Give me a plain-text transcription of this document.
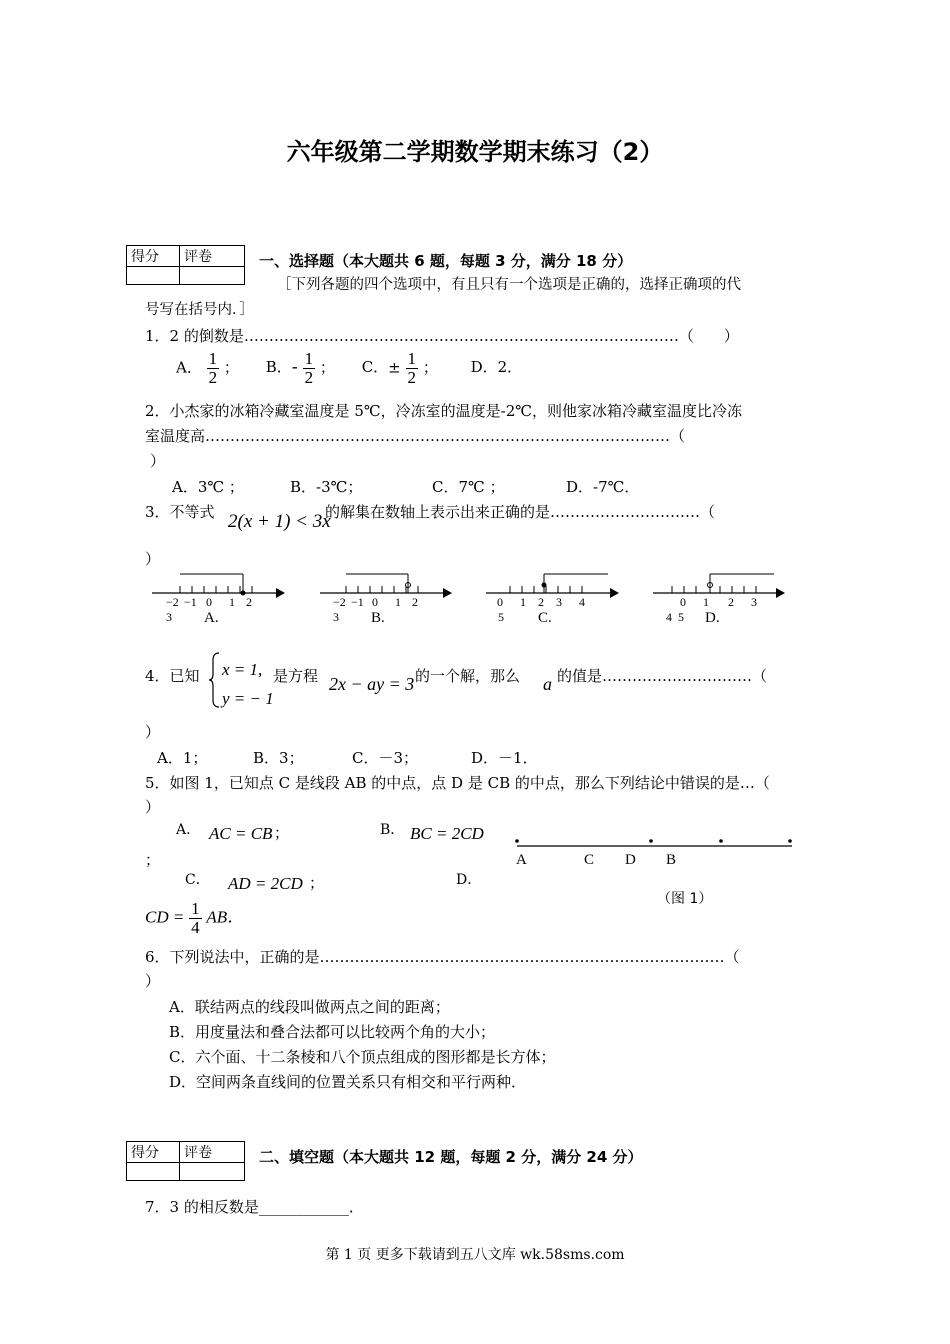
六年级第二学期数学期末练习（2）
得分	评卷
		一、选择题（本大题共 6 题，每题 3 分，满分 18 分）
［下列各题的四个选项中，有且只有一个选项是正确的，选择正确项的代
号写在括号内．］
1．2 的倒数是……………………………………………………………………………（　　）
A． $\frac{1}{2}$ ； B．- $\frac{1}{2}$ ； C．± $\frac{1}{2}$ ； D．2．
2．小杰家的冰箱冷藏室温度是 5℃，冷冻室的温度是-2℃，则他家冰箱冷藏室温度比冷冻
室温度高…………………………………………………………………………………（
）
A．3℃ ；	B．-3℃；	C．7℃ ；	D．-7℃．
3．不等式 2(x + 1) < 3x
的解集在数轴上表示出来正确的是…………………………（
）
−2 −1 0 1 2
3 A.
−2 −1 0 1 2
3 B.
0 1 2 3 4
5 C.
0 1 2 3
4  5 D.
4．已知 x = 1,
y = − 1
是方程 2x − ay = 3 的一个解，那么 a 的值是…………………………（
）
A．1；	B．3；	C．－3；	D．－1．
5．如图 1，已知点 C 是线段 AB 的中点，点 D 是 CB 的中点，那么下列结论中错误的是…（
）
A． AC = CB ；	B． BC = 2CD
；
C． AD = 2CD ；	D．
CD = $\frac{1}{4}$ AB．
A	C D B
（图 1）
6．下列说法中，正确的是………………………………………………………………………（
）
A．联结两点的线段叫做两点之间的距离；
B．用度量法和叠合法都可以比较两个角的大小；
C．六个面、十二条棱和八个顶点组成的图形都是长方体；
D．空间两条直线间的位置关系只有相交和平行两种．
得分	评卷
		二、填空题（本大题共 12 题，每题 2 分，满分 24 分）
7．3 的相反数是____________．
第 1 页 更多下载请到五八文库 wk.58sms.com
